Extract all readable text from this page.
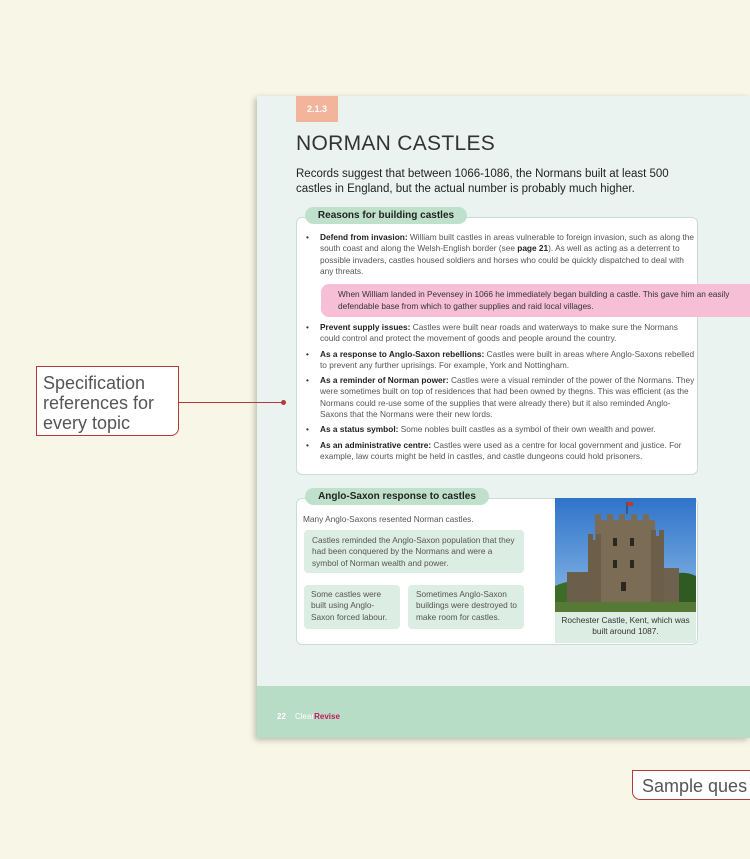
2.1.3
NORMAN CASTLES

Records suggest that between 1066-1086, the Normans built at least 500 castles in England, but the actual number is probably much higher.

Reasons for building castles
• Defend from invasion: William built castles in areas vulnerable to foreign invasion, such as along the south coast and along the Welsh-English border (see page 21). As well as acting as a deterrent to possible invaders, castles housed soldiers and horses who could be quickly dispatched to deal with any threats.
When William landed in Pevensey in 1066 he immediately began building a castle. This gave him an easily defendable base from which to gather supplies and raid local villages.
• Prevent supply issues: Castles were built near roads and waterways to make sure the Normans could control and protect the movement of goods and people around the country.
• As a response to Anglo-Saxon rebellions: Castles were built in areas where Anglo-Saxons rebelled to prevent any further uprisings. For example, York and Nottingham.
• As a reminder of Norman power: Castles were a visual reminder of the power of the Normans. They were sometimes built on top of residences that had been owned by thegns. This was efficient (as the Normans could re-use some of the supplies that were already there) but it also reminded Anglo-Saxons that the Normans were their new lords.
• As a status symbol: Some nobles built castles as a symbol of their own wealth and power.
• As an administrative centre: Castles were used as a centre for local government and justice. For example, law courts might be held in castles, and castle dungeons could hold prisoners.
Anglo-Saxon response to castles
Many Anglo-Saxons resented Norman castles.
Castles reminded the Anglo-Saxon population that they had been conquered by the Normans and were a symbol of Norman wealth and power.
Some castles were built using Anglo-Saxon forced labour.
Sometimes Anglo-Saxon buildings were destroyed to make room for castles.	Rochester Castle, Kent, which was built around 1087.
22 ClearRevise
Specification references for every topic
Sample ques
